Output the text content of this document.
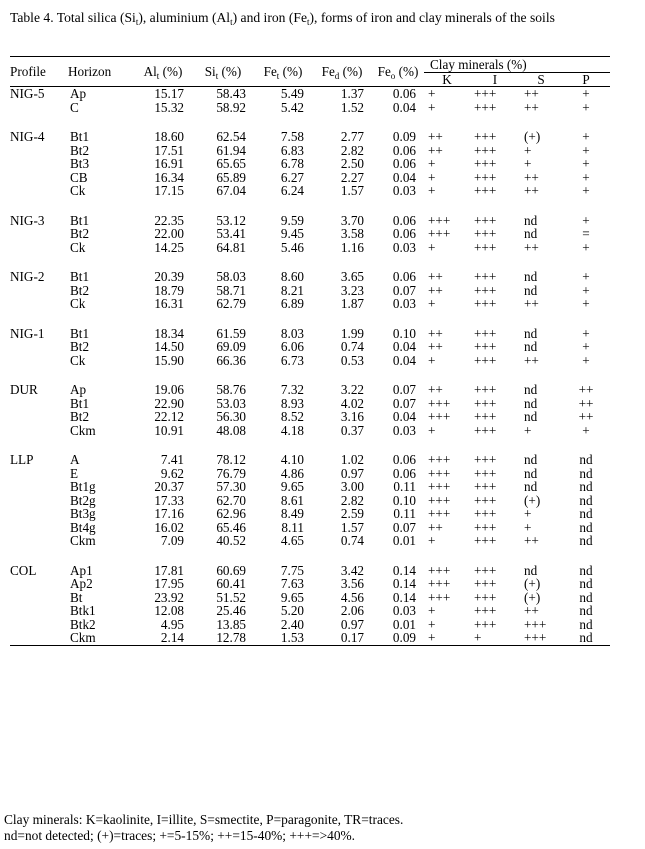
Table 4. Total silica $(Si_t)$, aluminium $(Al_t)$ and iron $(Fe_t)$, forms of iron and clay minerals of the soils
Profile	Horizon	$Al_t$ (%)	$Si_t$ (%)	$Fe_t$ (%)	$Fe_d$ (%)	$Fe_o$ (%)	Clay minerals (%)			
							K	I	S	P
NIG-5	Ap	15.17	58.43	5.49	1.37	0.06	+	+++	++	+
	C	15.32	58.92	5.42	1.52	0.04	+	+++	++	+

NIG-4	Bt1	18.60	62.54	7.58	2.77	0.09	++	+++	(+)	+
	Bt2	17.51	61.94	6.83	2.82	0.06	++	+++	+	+
	Bt3	16.91	65.65	6.78	2.50	0.06	+	+++	+	+
	CB	16.34	65.89	6.27	2.27	0.04	+	+++	++	+
	Ck	17.15	67.04	6.24	1.57	0.03	+	+++	++	+

NIG-3	Bt1	22.35	53.12	9.59	3.70	0.06	+++	+++	nd	+
	Bt2	22.00	53.41	9.45	3.58	0.06	+++	+++	nd	=
	Ck	14.25	64.81	5.46	1.16	0.03	+	+++	++	+

NIG-2	Bt1	20.39	58.03	8.60	3.65	0.06	++	+++	nd	+
	Bt2	18.79	58.71	8.21	3.23	0.07	++	+++	nd	+
	Ck	16.31	62.79	6.89	1.87	0.03	+	+++	++	+

NIG-1	Bt1	18.34	61.59	8.03	1.99	0.10	++	+++	nd	+
	Bt2	14.50	69.09	6.06	0.74	0.04	++	+++	nd	+
	Ck	15.90	66.36	6.73	0.53	0.04	+	+++	++	+

DUR	Ap	19.06	58.76	7.32	3.22	0.07	++	+++	nd	++
	Bt1	22.90	53.03	8.93	4.02	0.07	+++	+++	nd	++
	Bt2	22.12	56.30	8.52	3.16	0.04	+++	+++	nd	++
	Ckm	10.91	48.08	4.18	0.37	0.03	+	+++	+	+

LLP	A	7.41	78.12	4.10	1.02	0.06	+++	+++	nd	nd
	E	9.62	76.79	4.86	0.97	0.06	+++	+++	nd	nd
	Bt1g	20.37	57.30	9.65	3.00	0.11	+++	+++	nd	nd
	Bt2g	17.33	62.70	8.61	2.82	0.10	+++	+++	(+)	nd
	Bt3g	17.16	62.96	8.49	2.59	0.11	+++	+++	+	nd
	Bt4g	16.02	65.46	8.11	1.57	0.07	++	+++	+	nd
	Ckm	7.09	40.52	4.65	0.74	0.01	+	+++	++	nd

COL	Ap1	17.81	60.69	7.75	3.42	0.14	+++	+++	nd	nd
	Ap2	17.95	60.41	7.63	3.56	0.14	+++	+++	(+)	nd
	Bt	23.92	51.52	9.65	4.56	0.14	+++	+++	(+)	nd
	Btk1	12.08	25.46	5.20	2.06	0.03	+	+++	++	nd
	Btk2	4.95	13.85	2.40	0.97	0.01	+	+++	+++	nd
	Ckm	2.14	12.78	1.53	0.17	0.09	+	+	+++	nd
Clay minerals: K=kaolinite, I=illite, S=smectite, P=paragonite, TR=traces.
nd=not detected; (+)=traces; +=5-15%; ++=15-40%; +++=>40%.
